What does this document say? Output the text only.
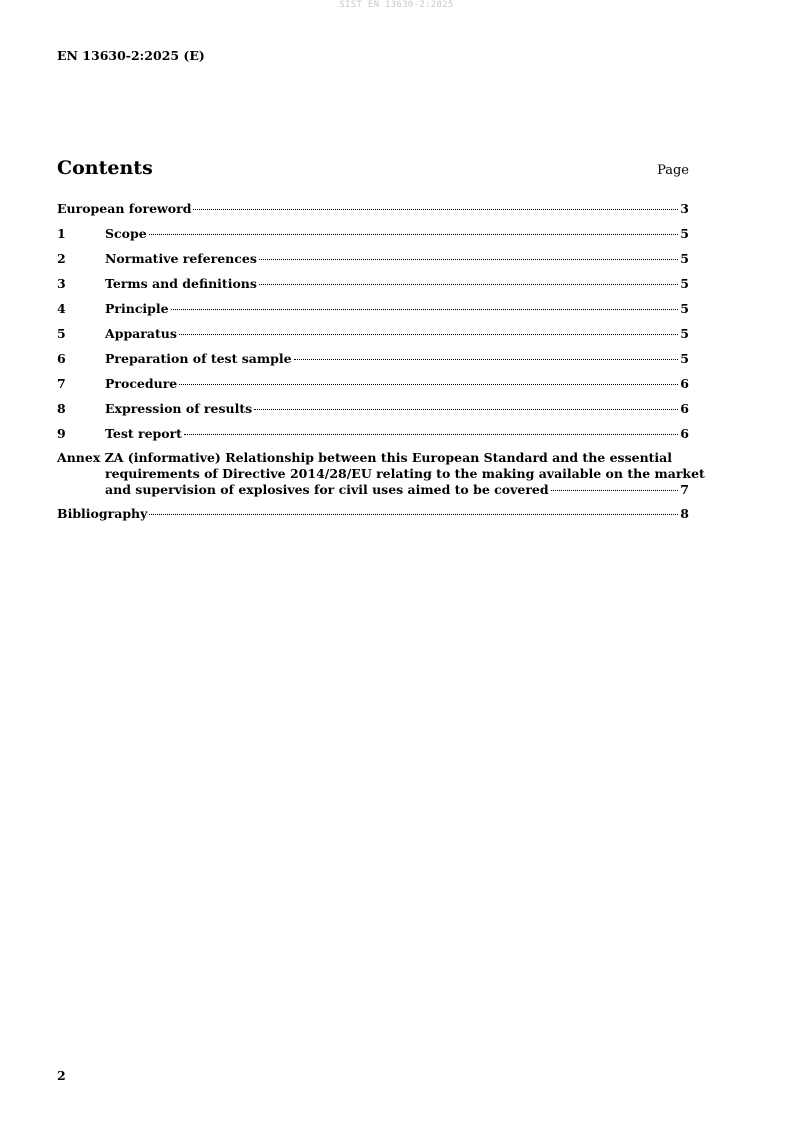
SIST EN 13630-2:2025
EN 13630-2:2025 (E)
Contents	Page
European foreword	3
1	Scope	5
2	Normative references	5
3	Terms and definitions	5
4	Principle	5
5	Apparatus	5
6	Preparation of test sample	5
7	Procedure	6
8	Expression of results	6
9	Test report	6
Annex ZA (informative) Relationship between this European Standard and the essential
requirements of Directive 2014/28/EU relating to the making available on the market
and supervision of explosives for civil uses aimed to be covered	7
Bibliography	8
2
